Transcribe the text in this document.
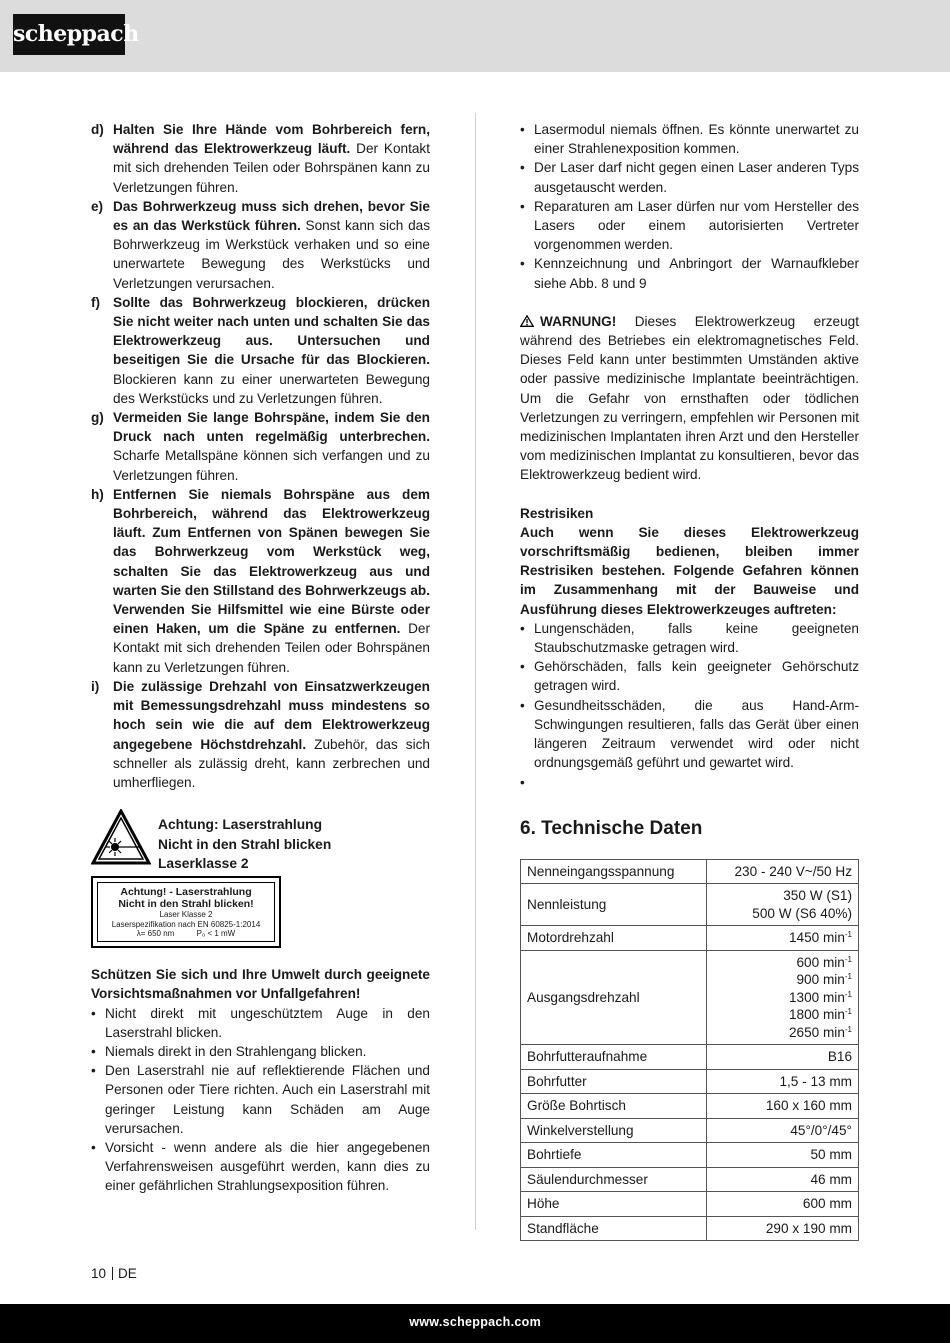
scheppach
d) Halten Sie Ihre Hände vom Bohrbereich fern, während das Elektrowerkzeug läuft. Der Kontakt mit sich drehenden Teilen oder Bohrspänen kann zu Verletzungen führen.
e) Das Bohrwerkzeug muss sich drehen, bevor Sie es an das Werkstück führen. Sonst kann sich das Bohrwerkzeug im Werkstück verhaken und so eine unerwartete Bewegung des Werkstücks und Verletzungen verursachen.
f) Sollte das Bohrwerkzeug blockieren, drücken Sie nicht weiter nach unten und schalten Sie das Elektrowerkzeug aus. Untersuchen und beseitigen Sie die Ursache für das Blockieren. Blockieren kann zu einer unerwarteten Bewegung des Werkstücks und zu Verletzungen führen.
g) Vermeiden Sie lange Bohrspäne, indem Sie den Druck nach unten regelmäßig unterbrechen. Scharfe Metallspäne können sich verfangen und zu Verletzungen führen.
h) Entfernen Sie niemals Bohrspäne aus dem Bohrbereich, während das Elektrowerkzeug läuft. Zum Entfernen von Spänen bewegen Sie das Bohrwerkzeug vom Werkstück weg, schalten Sie das Elektrowerkzeug aus und warten Sie den Stillstand des Bohrwerkzeugs ab. Verwenden Sie Hilfsmittel wie eine Bürste oder einen Haken, um die Späne zu entfernen. Der Kontakt mit sich drehenden Teilen oder Bohrspänen kann zu Verletzungen führen.
i) Die zulässige Drehzahl von Einsatzwerkzeugen mit Bemessungsdrehzahl muss mindestens so hoch sein wie die auf dem Elektrowerkzeug angegebene Höchstdrehzahl. Zubehör, das sich schneller als zulässig dreht, kann zerbrechen und umherfliegen.
Achtung: Laserstrahlung
Nicht in den Strahl blicken
Laserklasse 2
Achtung! - Laserstrahlung
Nicht in den Strahl blicken!
Laser Klasse 2
Laserspezifikation nach EN 60825-1:2014
λ= 650 nm          P₀ < 1 mW
Schützen Sie sich und Ihre Umwelt durch geeignete Vorsichtsmaßnahmen vor Unfallgefahren!
• Nicht direkt mit ungeschütztem Auge in den Laserstrahl blicken.
• Niemals direkt in den Strahlengang blicken.
• Den Laserstrahl nie auf reflektierende Flächen und Personen oder Tiere richten. Auch ein Laserstrahl mit geringer Leistung kann Schäden am Auge verursachen.
• Vorsicht - wenn andere als die hier angegebenen Verfahrensweisen ausgeführt werden, kann dies zu einer gefährlichen Strahlungsexposition führen.
• Lasermodul niemals öffnen. Es könnte unerwartet zu einer Strahlenexposition kommen.
• Der Laser darf nicht gegen einen Laser anderen Typs ausgetauscht werden.
• Reparaturen am Laser dürfen nur vom Hersteller des Lasers oder einem autorisierten Vertreter vorgenommen werden.
• Kennzeichnung und Anbringort der Warnaufkleber siehe Abb. 8 und 9
WARNUNG! Dieses Elektrowerkzeug erzeugt während des Betriebes ein elektromagnetisches Feld. Dieses Feld kann unter bestimmten Umständen aktive oder passive medizinische Implantate beeinträchtigen. Um die Gefahr von ernsthaften oder tödlichen Verletzungen zu verringern, empfehlen wir Personen mit medizinischen Implantaten ihren Arzt und den Hersteller vom medizinischen Implantat zu konsultieren, bevor das Elektrowerkzeug bedient wird.
Restrisiken
Auch wenn Sie dieses Elektrowerkzeug vorschriftsmäßig bedienen, bleiben immer Restrisiken bestehen. Folgende Gefahren können im Zusammenhang mit der Bauweise und Ausführung dieses Elektrowerkzeuges auftreten:
• Lungenschäden, falls keine geeigneten Staubschutzmaske getragen wird.
• Gehörschäden, falls kein geeigneter Gehörschutz getragen wird.
• Gesundheitsschäden, die aus Hand-Arm-Schwingungen resultieren, falls das Gerät über einen längeren Zeitraum verwendet wird oder nicht ordnungsgemäß geführt und gewartet wird.
•
6. Technische Daten
Nenneingangsspannung	230 - 240 V~/50 Hz

Nennleistung	350 W (S1)
500 W (S6 40%)

Motordrehzahl	1450 $\min^{-1}$

Ausgangsdrehzahl	600 $\min^{-1}$
900 $\min^{-1}$
1300 $\min^{-1}$
1800 $\min^{-1}$
2650 $\min^{-1}$

Bohrfutteraufnahme	B16

Bohrfutter	1,5 - 13 mm

Größe Bohrtisch	160 x 160 mm

Winkelverstellung	45°/0°/45°

Bohrtiefe	50 mm

Säulendurchmesser	46 mm

Höhe	600 mm

Standfläche	290 x 190 mm
10 DE
www.scheppach.com
